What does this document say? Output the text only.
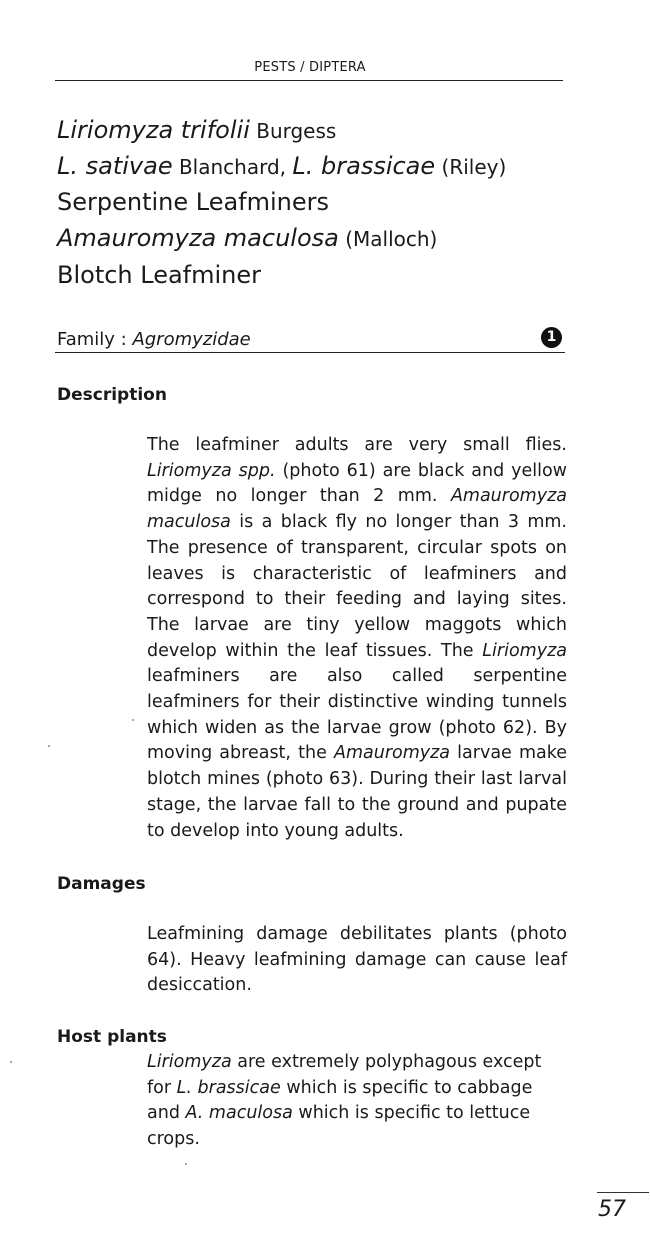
PESTS / DIPTERA
Liriomyza trifolii Burgess
L. sativae Blanchard, L. brassicae (Riley)
Serpentine Leafminers
Amauromyza maculosa (Malloch)
Blotch Leafminer
Family : Agromyzidae	1
Description

The leafminer adults are very small flies. Liriomyza spp. (photo 61) are black and yellow midge no longer than 2 mm. Amauromyza maculosa is a black fly no longer than 3 mm. The presence of transparent, circular spots on leaves is characteristic of leafminers and correspond to their feeding and laying sites. The larvae are tiny yellow maggots which develop within the leaf tissues. The Liriomyza leafminers are also called serpentine leafminers for their distinctive winding tunnels which widen as the larvae grow (photo 62). By moving abreast, the Amauromyza larvae make blotch mines (photo 63). During their last larval stage, the larvae fall to the ground and pupate to develop into young adults.

Damages

Leafmining damage debilitates plants (photo 64). Heavy leafmining damage can cause leaf desiccation.

Host plants

Liriomyza are extremely polyphagous except for L. brassicae which is specific to cabbage and A. maculosa which is specific to lettuce crops.

57
